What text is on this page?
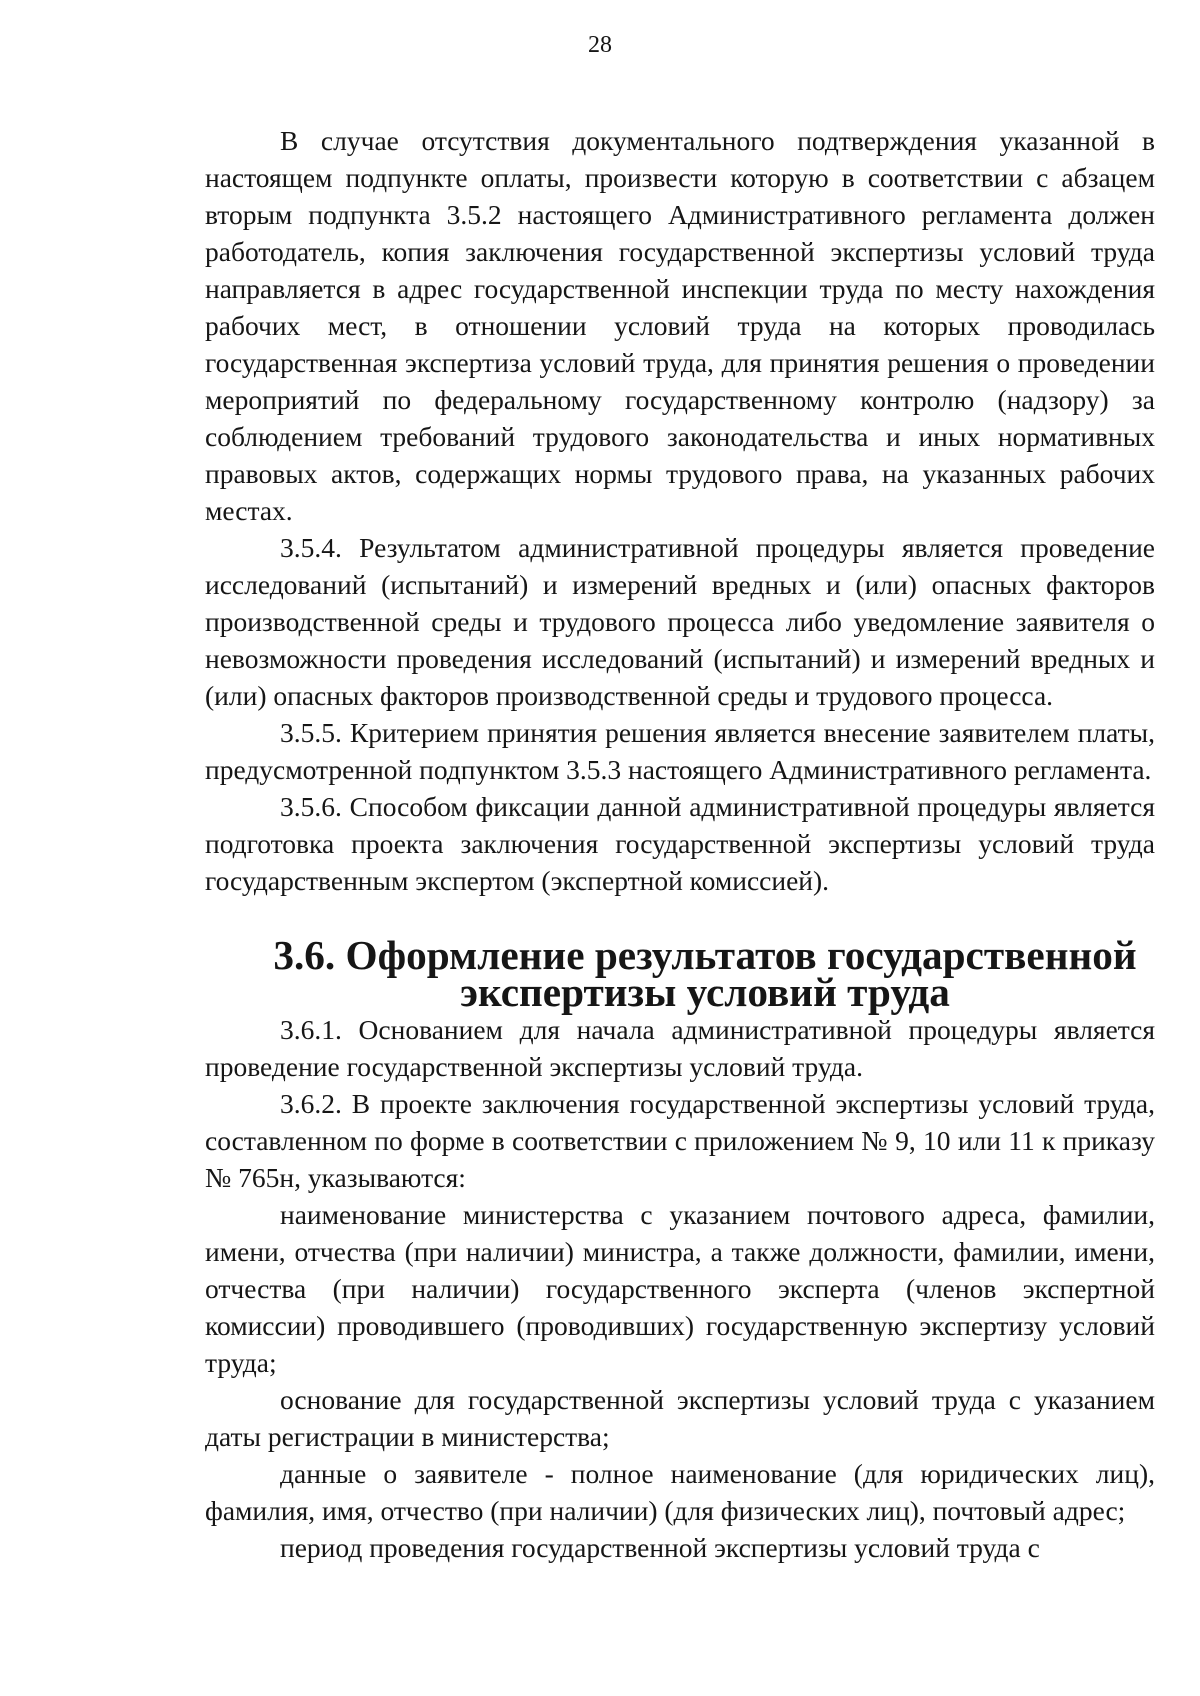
28

В случае отсутствия документального подтверждения указанной в настоящем подпункте оплаты, произвести которую в соответствии с абзацем вторым подпункта 3.5.2 настоящего Административного регламента должен работодатель, копия заключения государственной экспертизы условий труда направляется в адрес государственной инспекции труда по месту нахождения рабочих мест, в отношении условий труда на которых проводилась государственная экспертиза условий труда, для принятия решения о проведении мероприятий по федеральному государственному контролю (надзору) за соблюдением требований трудового законодательства и иных нормативных правовых актов, содержащих нормы трудового права, на указанных рабочих местах.

3.5.4. Результатом административной процедуры является проведение исследований (испытаний) и измерений вредных и (или) опасных факторов производственной среды и трудового процесса либо уведомление заявителя о невозможности проведения исследований (испытаний) и измерений вредных и (или) опасных факторов производственной среды и трудового процесса.

3.5.5. Критерием принятия решения является внесение заявителем платы, предусмотренной подпунктом 3.5.3 настоящего Административного регламента.

3.5.6. Способом фиксации данной административной процедуры является подготовка проекта заключения государственной экспертизы условий труда государственным экспертом (экспертной комиссией).

3.6. Оформление результатов государственной экспертизы условий труда

3.6.1. Основанием для начала административной процедуры является проведение государственной экспертизы условий труда.

3.6.2. В проекте заключения государственной экспертизы условий труда, составленном по форме в соответствии с приложением № 9, 10 или 11 к приказу № 765н, указываются:

наименование министерства с указанием почтового адреса, фамилии, имени, отчества (при наличии) министра, а также должности, фамилии, имени, отчества (при наличии) государственного эксперта (членов экспертной комиссии) проводившего (проводивших) государственную экспертизу условий труда;

основание для государственной экспертизы условий труда с указанием даты регистрации в министерства;

данные о заявителе - полное наименование (для юридических лиц), фамилия, имя, отчество (при наличии) (для физических лиц), почтовый адрес;

период проведения государственной экспертизы условий труда с
